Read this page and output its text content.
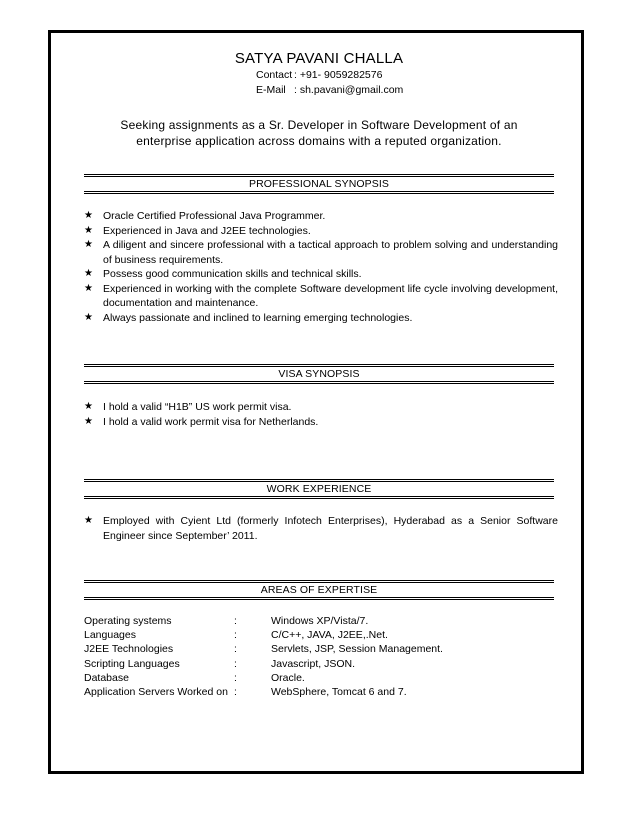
SATYA PAVANI CHALLA
Contact : +91- 9059282576
E-Mail : sh.pavani@gmail.com
Seeking assignments as a Sr. Developer in Software Development of an enterprise application across domains with a reputed organization.
PROFESSIONAL SYNOPSIS
★ Oracle Certified Professional Java Programmer.
★ Experienced in Java and J2EE technologies.
★ A diligent and sincere professional with a tactical approach to problem solving and understanding of business requirements.
★ Possess good communication skills and technical skills.
★ Experienced in working with the complete Software development life cycle involving development, documentation and maintenance.
★ Always passionate and inclined to learning emerging technologies.
VISA SYNOPSIS
★ I hold a valid “H1B” US work permit visa.
★ I hold a valid work permit visa for Netherlands.
WORK EXPERIENCE
★ Employed with Cyient Ltd (formerly Infotech Enterprises), Hyderabad as a Senior Software Engineer since September’ 2011.
AREAS OF EXPERTISE
Operating systems	:	Windows XP/Vista/7.
Languages	:	C/C++, JAVA, J2EE,.Net.
J2EE Technologies	:	Servlets, JSP, Session Management.
Scripting Languages	:	Javascript, JSON.
Database	:	Oracle.
Application Servers Worked on :	WebSphere, Tomcat 6 and 7.
